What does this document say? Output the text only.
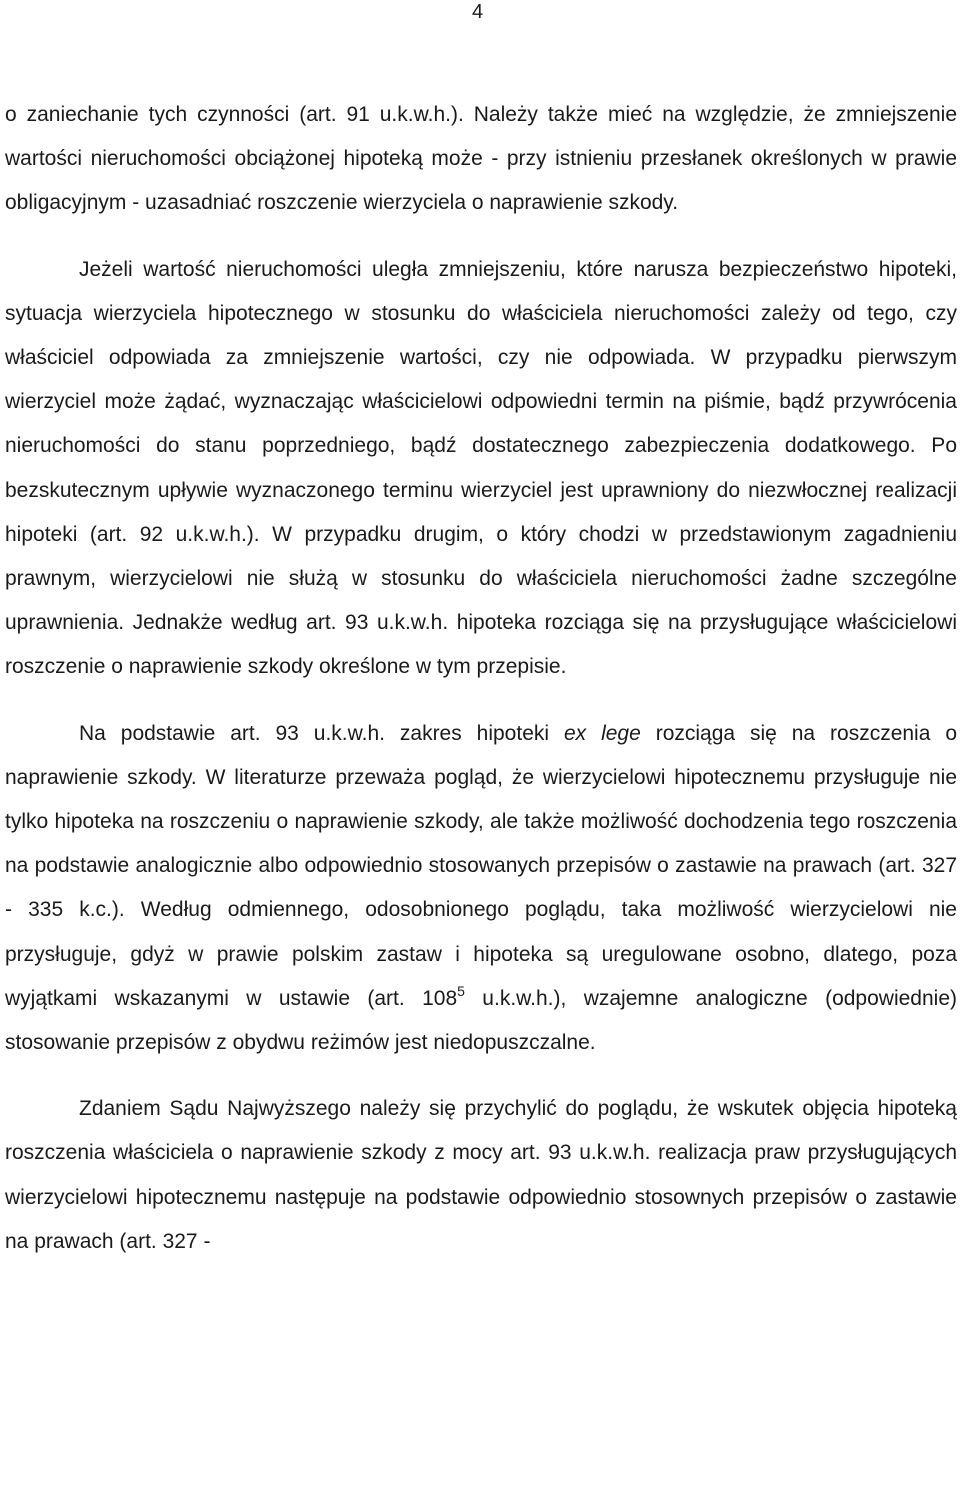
4

o zaniechanie tych czynności (art. 91 u.k.w.h.). Należy także mieć na względzie, że zmniejszenie wartości nieruchomości obciążonej hipoteką może - przy istnieniu przesłanek określonych w prawie obligacyjnym - uzasadniać roszczenie wierzyciela o naprawienie szkody.

Jeżeli wartość nieruchomości uległa zmniejszeniu, które narusza bezpieczeństwo hipoteki, sytuacja wierzyciela hipotecznego w stosunku do właściciela nieruchomości zależy od tego, czy właściciel odpowiada za zmniejszenie wartości, czy nie odpowiada. W przypadku pierwszym wierzyciel może żądać, wyznaczając właścicielowi odpowiedni termin na piśmie, bądź przywrócenia nieruchomości do stanu poprzedniego, bądź dostatecznego zabezpieczenia dodatkowego. Po bezskutecznym upływie wyznaczonego terminu wierzyciel jest uprawniony do niezwłocznej realizacji hipoteki (art. 92 u.k.w.h.). W przypadku drugim, o który chodzi w przedstawionym zagadnieniu prawnym, wierzycielowi nie służą w stosunku do właściciela nieruchomości żadne szczególne uprawnienia. Jednakże według art. 93 u.k.w.h. hipoteka rozciąga się na przysługujące właścicielowi roszczenie o naprawienie szkody określone w tym przepisie.

Na podstawie art. 93 u.k.w.h. zakres hipoteki ex lege rozciąga się na roszczenia o naprawienie szkody. W literaturze przeważa pogląd, że wierzycielowi hipotecznemu przysługuje nie tylko hipoteka na roszczeniu o naprawienie szkody, ale także możliwość dochodzenia tego roszczenia na podstawie analogicznie albo odpowiednio stosowanych przepisów o zastawie na prawach (art. 327 - 335 k.c.). Według odmiennego, odosobnionego poglądu, taka możliwość wierzycielowi nie przysługuje, gdyż w prawie polskim zastaw i hipoteka są uregulowane osobno, dlatego, poza wyjątkami wskazanymi w ustawie (art. $108^5$ u.k.w.h.), wzajemne analogiczne (odpowiednie) stosowanie przepisów z obydwu reżimów jest niedopuszczalne.

Zdaniem Sądu Najwyższego należy się przychylić do poglądu, że wskutek objęcia hipoteką roszczenia właściciela o naprawienie szkody z mocy art. 93 u.k.w.h. realizacja praw przysługujących wierzycielowi hipotecznemu następuje na podstawie odpowiednio stosownych przepisów o zastawie na prawach (art. 327 -
